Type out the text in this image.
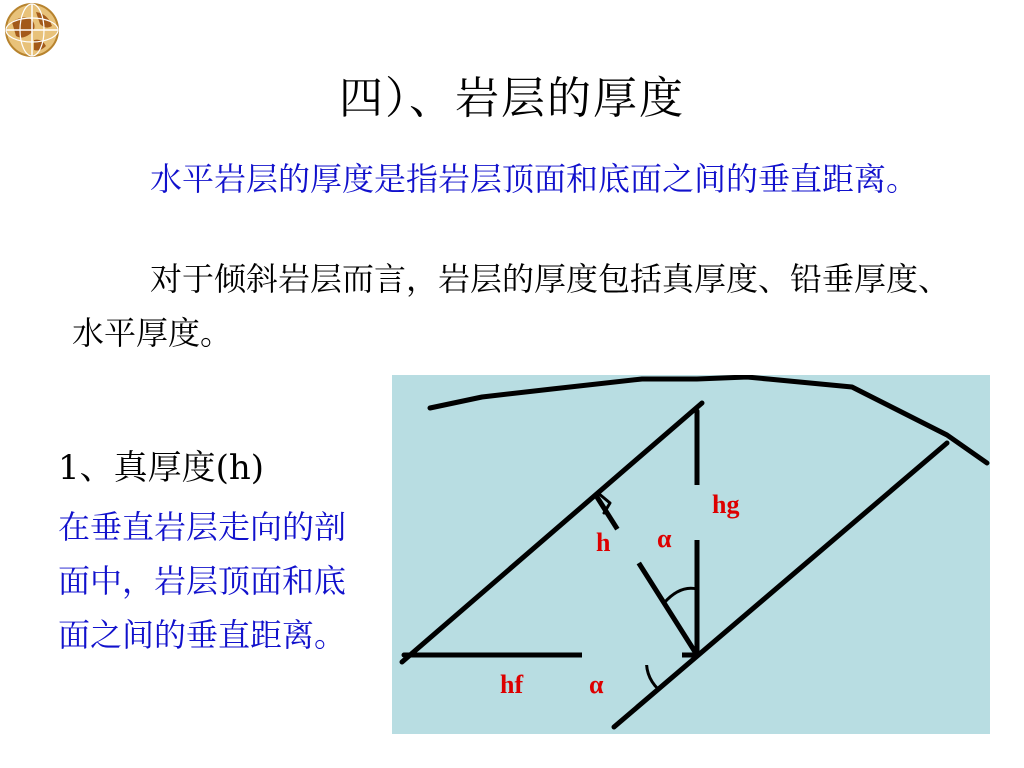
四）、岩层的厚度
水平岩层的厚度是指岩层顶面和底面之间的垂直距离。
对于倾斜岩层而言，岩层的厚度包括真厚度、铅垂厚度、水平厚度。
1、真厚度(h)
在垂直岩层走向的剖面中，岩层顶面和底面之间的垂直距离。
hg
h α
hf	α
